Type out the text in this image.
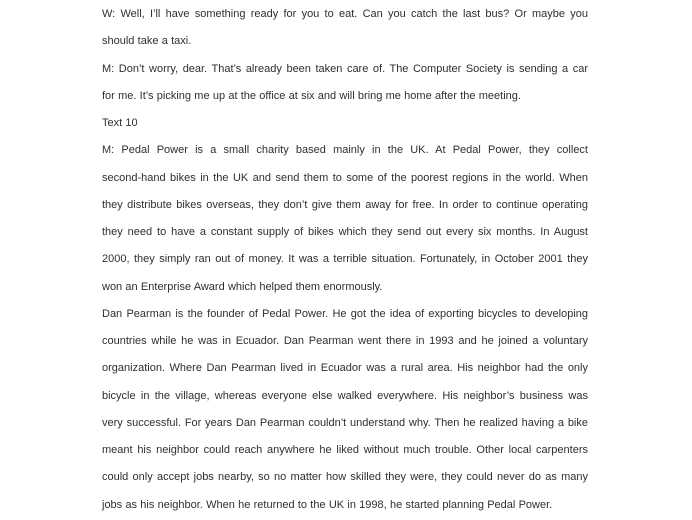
W: Well, I’ll have something ready for you to eat. Can you catch the last bus? Or maybe you
should take a taxi.
M: Don’t worry, dear. That’s already been taken care of. The Computer Society is sending a car
for me. It’s picking me up at the office at six and will bring me home after the meeting.
Text 10
M: Pedal Power is a small charity based mainly in the UK. At Pedal Power, they collect
second-hand bikes in the UK and send them to some of the poorest regions in the world. When
they distribute bikes overseas, they don’t give them away for free. In order to continue operating
they need to have a constant supply of bikes which they send out every six months. In August
2000, they simply ran out of money. It was a terrible situation. Fortunately, in October 2001 they
won an Enterprise Award which helped them enormously.
Dan Pearman is the founder of Pedal Power. He got the idea of exporting bicycles to developing
countries while he was in Ecuador. Dan Pearman went there in 1993 and he joined a voluntary
organization. Where Dan Pearman lived in Ecuador was a rural area. His neighbor had the only
bicycle in the village, whereas everyone else walked everywhere. His neighbor’s business was
very successful. For years Dan Pearman couldn’t understand why. Then he realized having a bike
meant his neighbor could reach anywhere he liked without much trouble. Other local carpenters
could only accept jobs nearby, so no matter how skilled they were, they could never do as many
jobs as his neighbor. When he returned to the UK in 1998, he started planning Pedal Power.
